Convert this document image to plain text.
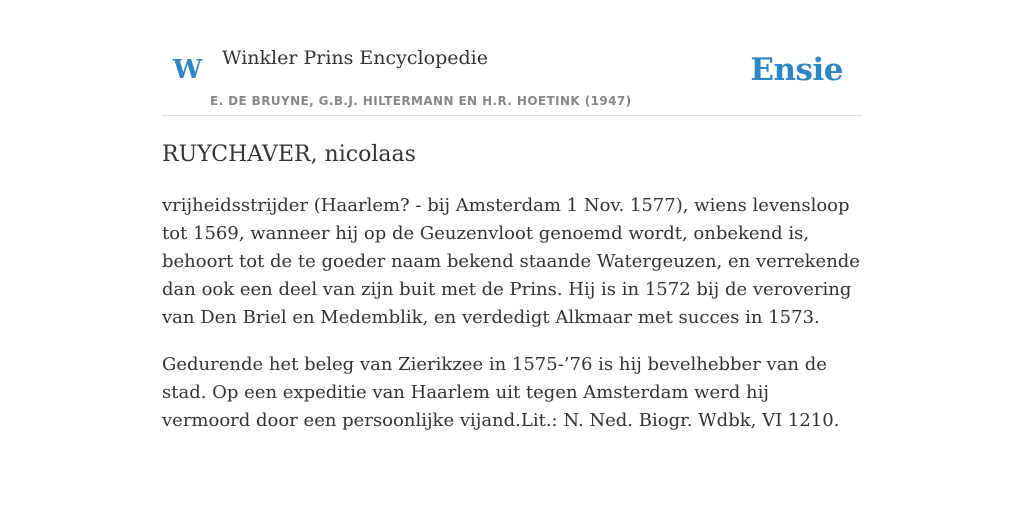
W Winkler Prins Encyclopedie
E. DE BRUYNE, G.B.J. HILTERMANN EN H.R. HOETINK (1947)
Ensie
RUYCHAVER, nicolaas

vrijheidsstrijder (Haarlem? - bij Amsterdam 1 Nov. 1577), wiens levensloop tot 1569, wanneer hij op de Geuzenvloot genoemd wordt, onbekend is, behoort tot de te goeder naam bekend staande Watergeuzen, en verrekende dan ook een deel van zijn buit met de Prins. Hij is in 1572 bij de verovering van Den Briel en Medemblik, en verdedigt Alkmaar met succes in 1573.

Gedurende het beleg van Zierikzee in 1575-’76 is hij bevelhebber van de stad. Op een expeditie van Haarlem uit tegen Amsterdam werd hij vermoord door een persoonlijke vijand.Lit.: N. Ned. Biogr. Wdbk, VI 1210.
